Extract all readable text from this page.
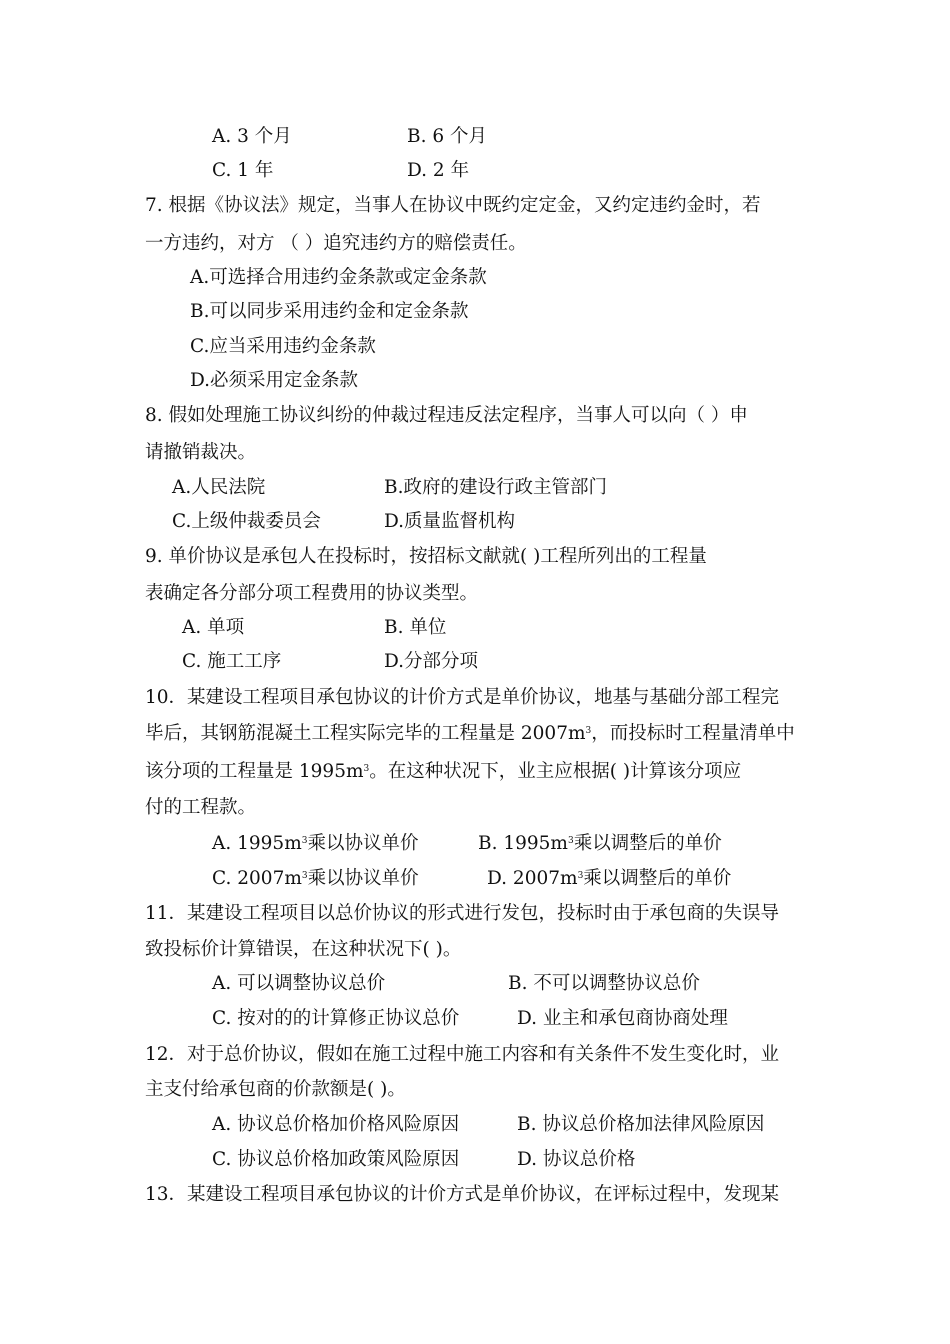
A. 3 个月	B. 6 个月
C. 1 年	D. 2 年
7. 根据《协议法》规定，当事人在协议中既约定定金，又约定违约金时，若
一方违约，对方 （ ）追究违约方的赔偿责任。
A.可选择合用违约金条款或定金条款
B.可以同步采用违约金和定金条款
C.应当采用违约金条款
D.必须采用定金条款
8. 假如处理施工协议纠纷的仲裁过程违反法定程序，当事人可以向（ ）申
请撤销裁决。
A.人民法院	B.政府的建设行政主管部门
C.上级仲裁委员会	D.质量监督机构
9. 单价协议是承包人在投标时，按招标文献就( )工程所列出的工程量
表确定各分部分项工程费用的协议类型。
A. 单项	B. 单位
C. 施工工序	D.分部分项
10．某建设工程项目承包协议的计价方式是单价协议，地基与基础分部工程完
毕后，其钢筋混凝土工程实际完毕的工程量是 $2007m^3$，而投标时工程量清单中
该分项的工程量是 $1995m^3$。在这种状况下，业主应根据( )计算该分项应
付的工程款。
A. $1995m^3$乘以协议单价	B. $1995m^3$乘以调整后的单价
C. $2007m^3$乘以协议单价	D. $2007m^3$乘以调整后的单价
11．某建设工程项目以总价协议的形式进行发包，投标时由于承包商的失误导
致投标价计算错误，在这种状况下( )。
A. 可以调整协议总价	B. 不可以调整协议总价
C. 按对的的计算修正协议总价	D. 业主和承包商协商处理
12．对于总价协议，假如在施工过程中施工内容和有关条件不发生变化时，业
主支付给承包商的价款额是( )。
A. 协议总价格加价格风险原因	B. 协议总价格加法律风险原因
C. 协议总价格加政策风险原因	D. 协议总价格
13．某建设工程项目承包协议的计价方式是单价协议，在评标过程中，发现某
